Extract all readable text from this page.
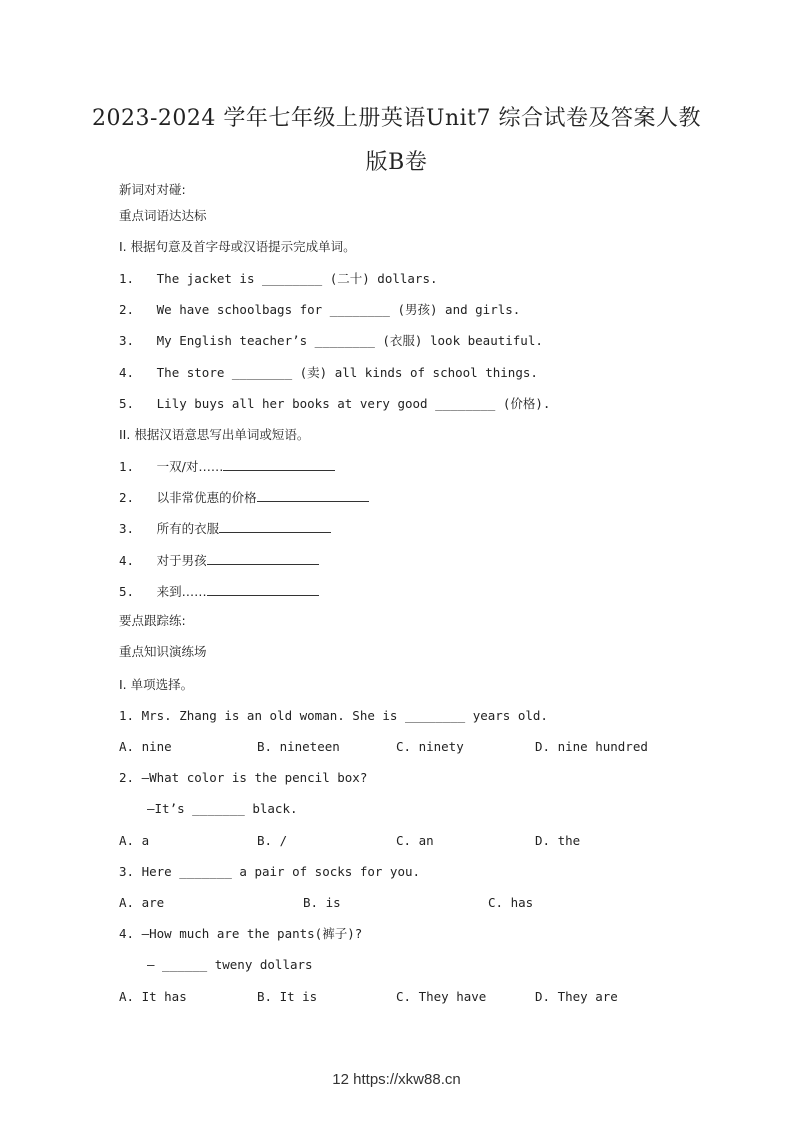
2023-2024 学年七年级上册英语Unit7 综合试卷及答案人教
版B卷
新词对对碰:
重点词语达达标
I. 根据句意及首字母或汉语提示完成单词。
1. The jacket is ________ (二十) dollars.
2. We have schoolbags for ________ (男孩) and girls.
3. My English teacher’s ________ (衣服) look beautiful.
4. The store ________ (卖) all kinds of school things.
5. Lily buys all her books at very good ________ (价格).
II. 根据汉语意思写出单词或短语。
1. 一双/对……
2. 以非常优惠的价格
3. 所有的衣服
4. 对于男孩
5. 来到……
要点跟踪练:
重点知识演练场
I. 单项选择。
1. Mrs. Zhang is an old woman. She is ________ years old.
A. nine	B. nineteen	C. ninety	D. nine hundred
2. —What color is the pencil box?
—It’s _______ black.
A. a	B. /	C. an	D. the
3. Here _______ a pair of socks for you.
A. are	B. is	C. has
4. —How much are the pants(裤子)?
— ______ tweny dollars
A. It has	B. It is	C. They have	D. They are
12 https://xkw88.cn
